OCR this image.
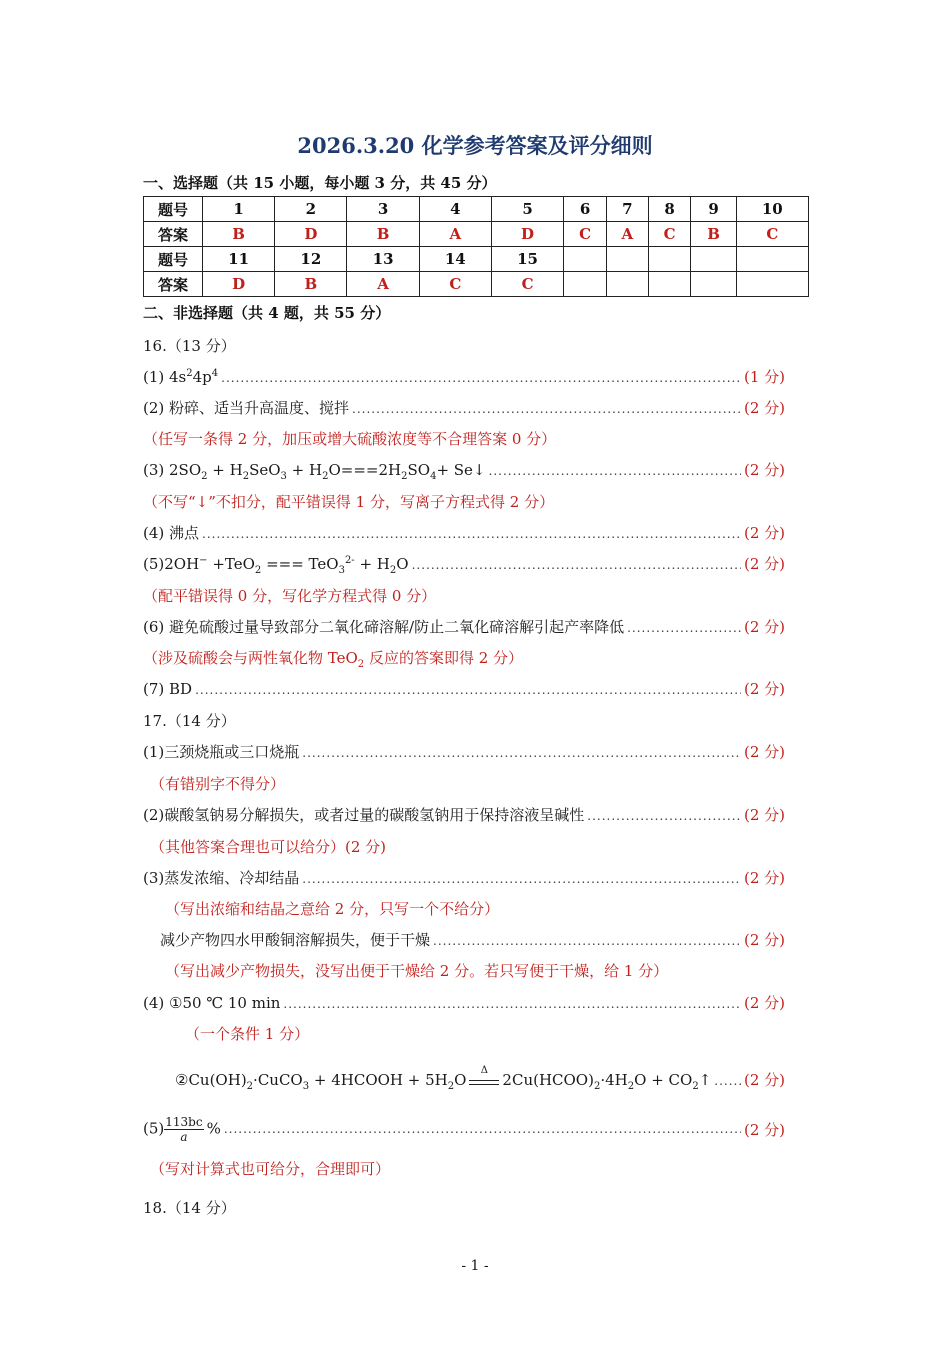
2026.3.20 化学参考答案及评分细则
一、选择题（共 15 小题，每小题 3 分，共 45 分）
题号	1	2	3	4	5	6	7	8	9	10
答案	B	D	B	A	D	C	A	C	B	C
题号	11	12	13	14	15					
答案	D	B	A	C	C					
二、非选择题（共 4 题，共 55 分）
16.（13 分）
(1) $4s^24p^4$ .....	(1 分)
(2) 粉碎、适当升高温度、搅拌 .....	(2 分)
（任写一条得 2 分，加压或增大硫酸浓度等不合理答案 0 分）
(3) $2SO_2 + H_2SeO_3 + H_2O===2H_2SO_4+$ Se↓ .....	(2 分)
（不写“↓”不扣分，配平错误得 1 分，写离子方程式得 2 分）
(4) 沸点 .....	(2 分)
(5)2OH− +TeO$_2$ === $TeO_3^{2-} + H_2O$ .....	(2 分)
（配平错误得 0 分，写化学方程式得 0 分）
(6) 避免硫酸过量导致部分二氧化碲溶解/防止二氧化碲溶解引起产率降低 .....	(2 分)
（涉及硫酸会与两性氧化物 TeO$_2$ 反应的答案即得 2 分）
(7) BD .....	(2 分)
17.（14 分）
(1)三颈烧瓶或三口烧瓶 .....	(2 分)
（有错别字不得分）
(2)碳酸氢钠易分解损失，或者过量的碳酸氢钠用于保持溶液呈碱性 .....	(2 分)
（其他答案合理也可以给分）(2 分)
(3)蒸发浓缩、冷却结晶 .....	(2 分)
（写出浓缩和结晶之意给 2 分，只写一个不给分）
减少产物四水甲酸铜溶解损失，便于干燥 .....	(2 分)
（写出减少产物损失，没写出便于干燥给 2 分。若只写便于干燥，给 1 分）
(4) ①50 ℃ 10 min .....	(2 分)
（一个条件 1 分）
$②Cu(OH)_2\cdot CuCO_3$ + 4HCOOH + $5H_2O$
Δ
$2Cu(HCOO)_2\cdot 4H_2O$ + $CO_2↑$ ..... (2 分)
$(5) \frac{113bc}{a}$ % .....	(2 分)
（写对计算式也可给分，合理即可）
18.（14 分）
- 1 -
